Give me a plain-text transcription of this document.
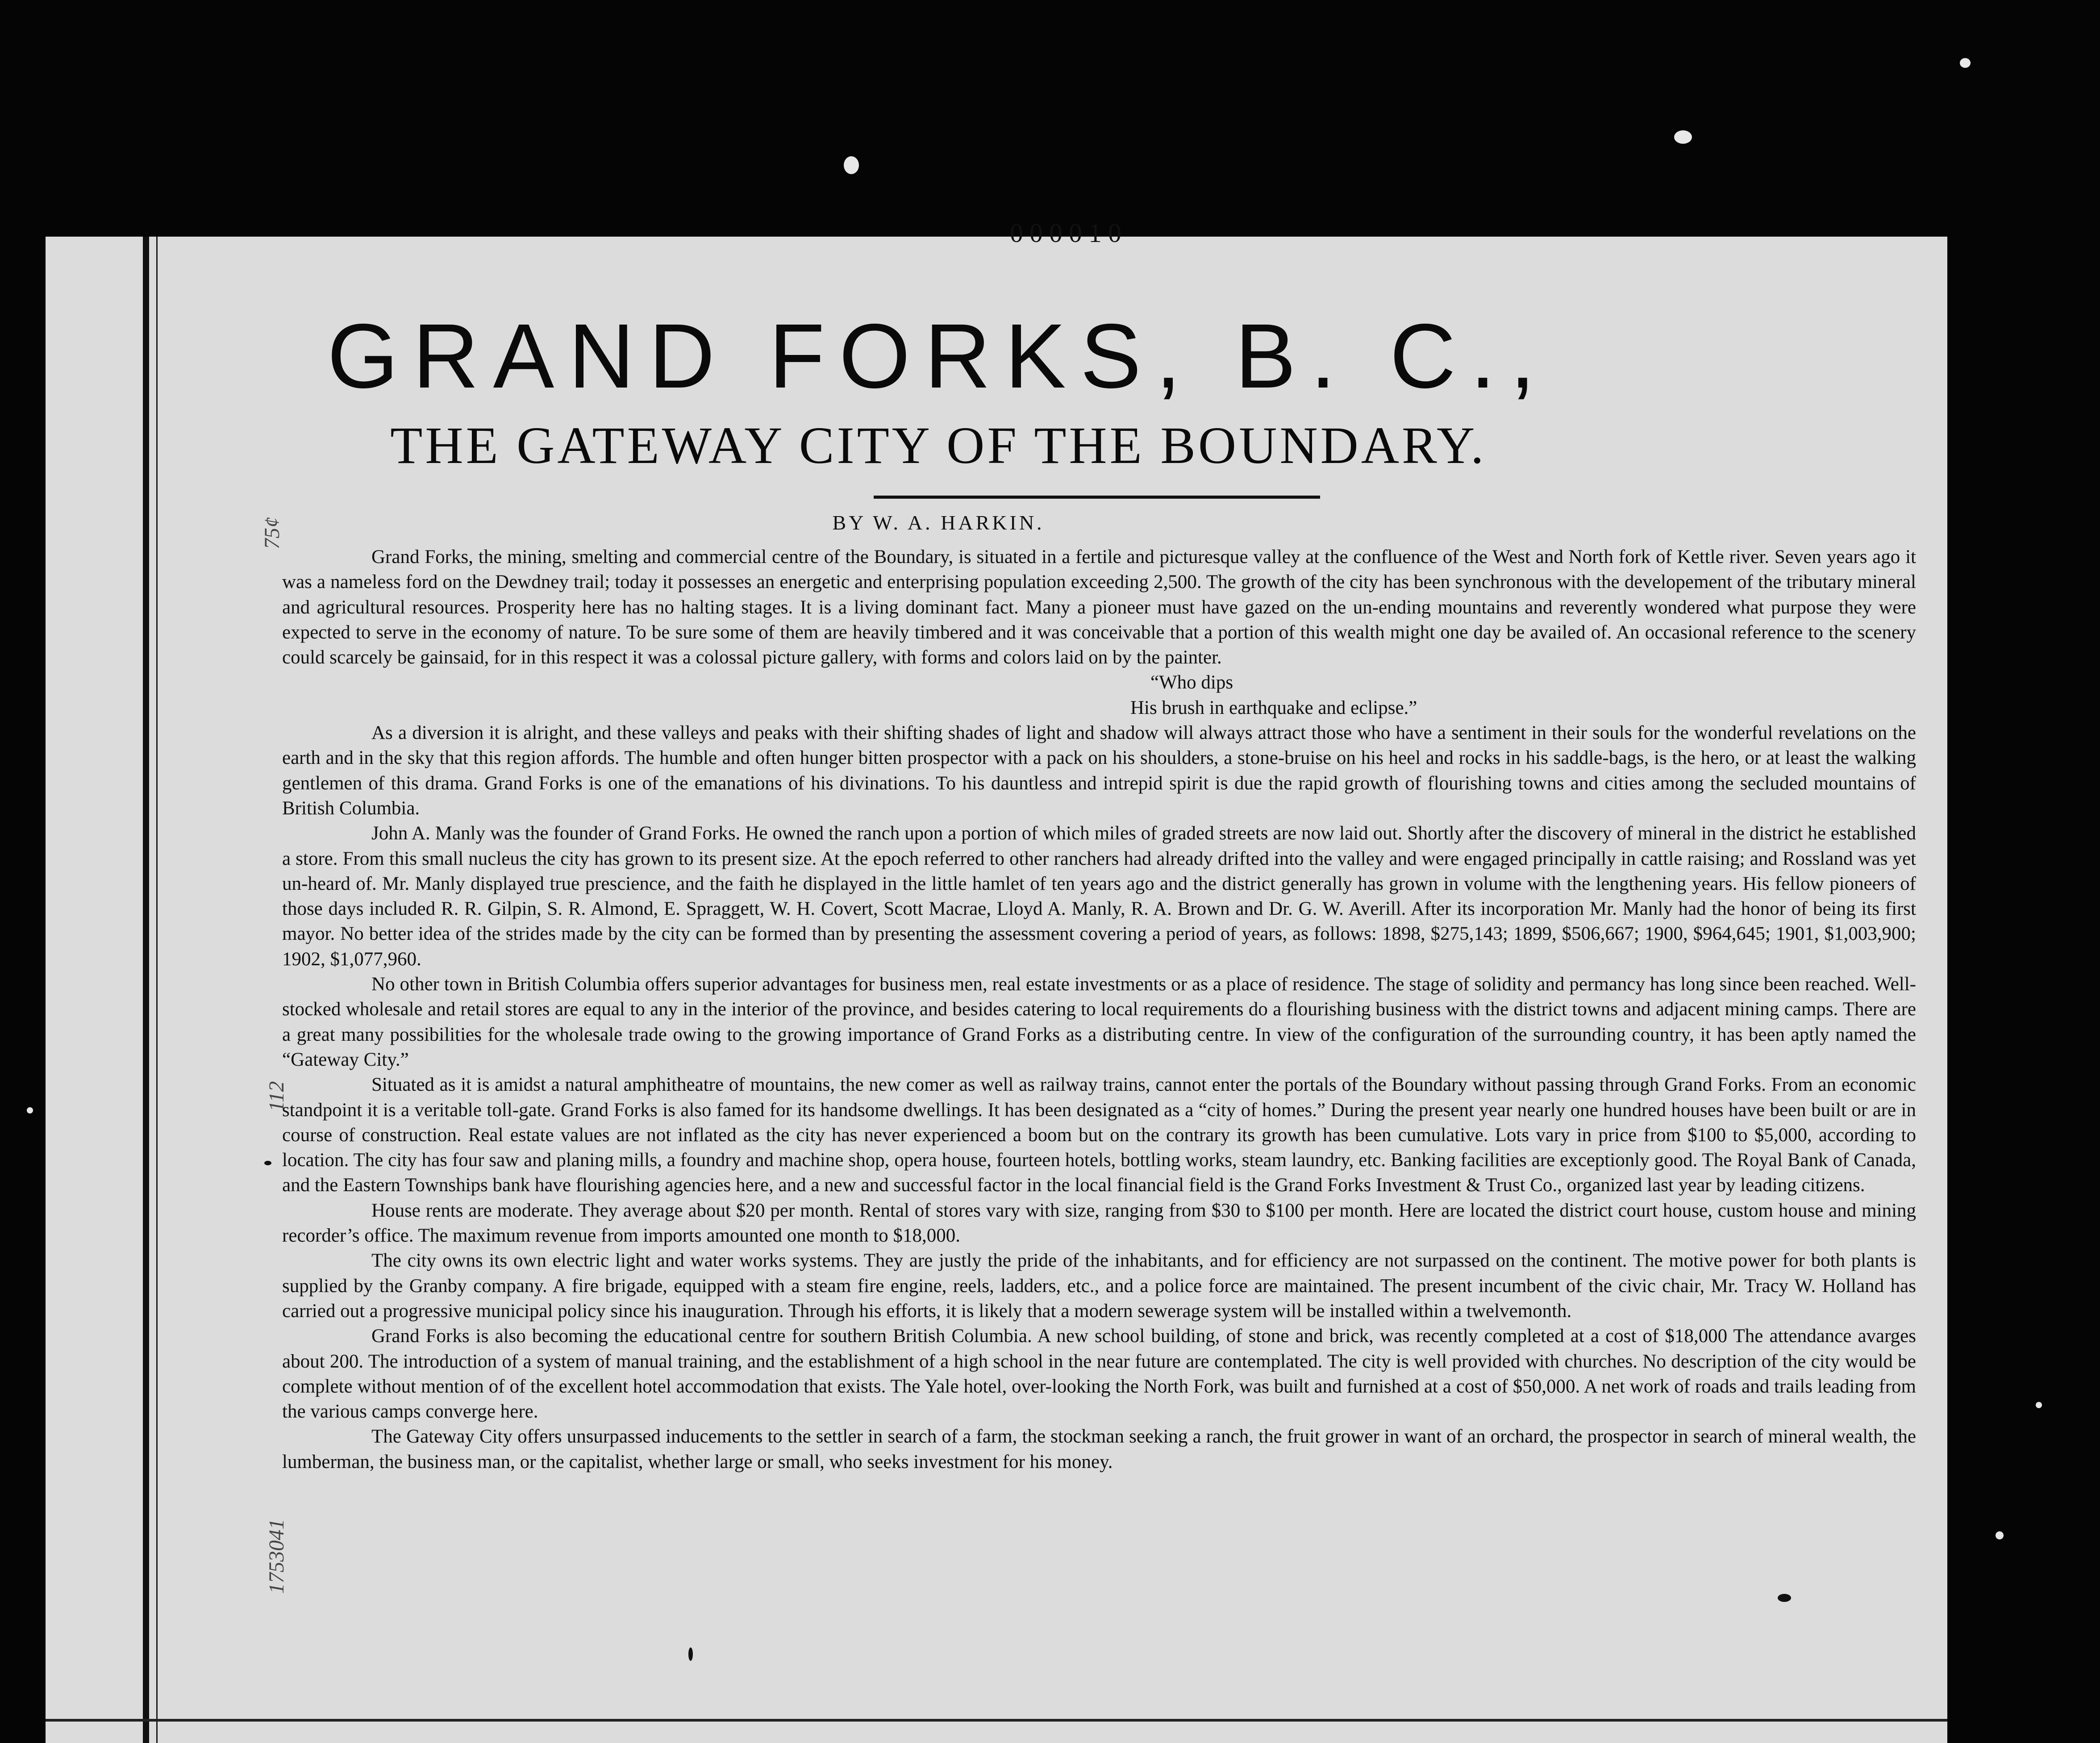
000010
75¢
112
1753041
GRAND FORKS, B. C.,
THE GATEWAY CITY OF THE BOUNDARY.
BY W. A. HARKIN.

Grand Forks, the mining, smelting and commercial centre of the Boundary, is situated in a fertile and picturesque valley at the confluence of the West and North fork of Kettle river. Seven years ago it was a nameless ford on the Dewdney trail; today it possesses an energetic and enterprising population exceeding 2,500. The growth of the city has been synchronous with the developement of the tributary mineral and agricultural resources. Prosperity here has no halting stages. It is a living dominant fact. Many a pioneer must have gazed on the un-ending mountains and reverently wondered what purpose they were expected to serve in the economy of nature. To be sure some of them are heavily timbered and it was conceivable that a portion of this wealth might one day be availed of. An occasional reference to the scenery could scarcely be gainsaid, for in this respect it was a colossal picture gallery, with forms and colors laid on by the painter.

“Who dips
His brush in earthquake and eclipse.”

As a diversion it is alright, and these valleys and peaks with their shifting shades of light and shadow will always attract those who have a sentiment in their souls for the wonderful revelations on the earth and in the sky that this region affords. The humble and often hunger bitten prospector with a pack on his shoulders, a stone-bruise on his heel and rocks in his saddle-bags, is the hero, or at least the walking gentlemen of this drama. Grand Forks is one of the emanations of his divinations. To his dauntless and intrepid spirit is due the rapid growth of flourishing towns and cities among the secluded mountains of British Columbia.

John A. Manly was the founder of Grand Forks. He owned the ranch upon a portion of which miles of graded streets are now laid out. Shortly after the discovery of mineral in the district he established a store. From this small nucleus the city has grown to its present size. At the epoch referred to other ranchers had already drifted into the valley and were engaged principally in cattle raising; and Rossland was yet un-heard of. Mr. Manly displayed true prescience, and the faith he displayed in the little hamlet of ten years ago and the district generally has grown in volume with the lengthening years. His fellow pioneers of those days included R. R. Gilpin, S. R. Almond, E. Spraggett, W. H. Covert, Scott Macrae, Lloyd A. Manly, R. A. Brown and Dr. G. W. Averill. After its incorporation Mr. Manly had the honor of being its first mayor. No better idea of the strides made by the city can be formed than by presenting the assessment covering a period of years, as follows: 1898, $275,143; 1899, $506,667; 1900, $964,645; 1901, $1,003,900; 1902, $1,077,960.

No other town in British Columbia offers superior advantages for business men, real estate investments or as a place of residence. The stage of solidity and permancy has long since been reached. Well-stocked wholesale and retail stores are equal to any in the interior of the province, and besides catering to local requirements do a flourishing business with the district towns and adjacent mining camps. There are a great many possibilities for the wholesale trade owing to the growing importance of Grand Forks as a distributing centre. In view of the configuration of the surrounding country, it has been aptly named the “Gateway City.”

Situated as it is amidst a natural amphitheatre of mountains, the new comer as well as railway trains, cannot enter the portals of the Boundary without passing through Grand Forks. From an economic standpoint it is a veritable toll-gate. Grand Forks is also famed for its handsome dwellings. It has been designated as a “city of homes.” During the present year nearly one hundred houses have been built or are in course of construction. Real estate values are not inflated as the city has never experienced a boom but on the contrary its growth has been cumulative. Lots vary in price from $100 to $5,000, according to location. The city has four saw and planing mills, a foundry and machine shop, opera house, fourteen hotels, bottling works, steam laundry, etc. Banking facilities are exceptionly good. The Royal Bank of Canada, and the Eastern Townships bank have flourishing agencies here, and a new and successful factor in the local financial field is the Grand Forks Investment & Trust Co., organized last year by leading citizens.

House rents are moderate. They average about $20 per month. Rental of stores vary with size, ranging from $30 to $100 per month. Here are located the district court house, custom house and mining recorder’s office. The maximum revenue from imports amounted one month to $18,000.

The city owns its own electric light and water works systems. They are justly the pride of the inhabitants, and for efficiency are not surpassed on the continent. The motive power for both plants is supplied by the Granby company. A fire brigade, equipped with a steam fire engine, reels, ladders, etc., and a police force are maintained. The present incumbent of the civic chair, Mr. Tracy W. Holland has carried out a progressive municipal policy since his inauguration. Through his efforts, it is likely that a modern sewerage system will be installed within a twelvemonth.

Grand Forks is also becoming the educational centre for southern British Columbia. A new school building, of stone and brick, was recently completed at a cost of $18,000 The attendance avarges about 200. The introduction of a system of manual training, and the establishment of a high school in the near future are contemplated. The city is well provided with churches. No description of the city would be complete without mention of of the excellent hotel accommodation that exists. The Yale hotel, over-looking the North Fork, was built and furnished at a cost of $50,000. A net work of roads and trails leading from the various camps converge here.

The Gateway City offers unsurpassed inducements to the settler in search of a farm, the stockman seeking a ranch, the fruit grower in want of an orchard, the prospector in search of mineral wealth, the lumberman, the business man, or the capitalist, whether large or small, who seeks investment for his money.
